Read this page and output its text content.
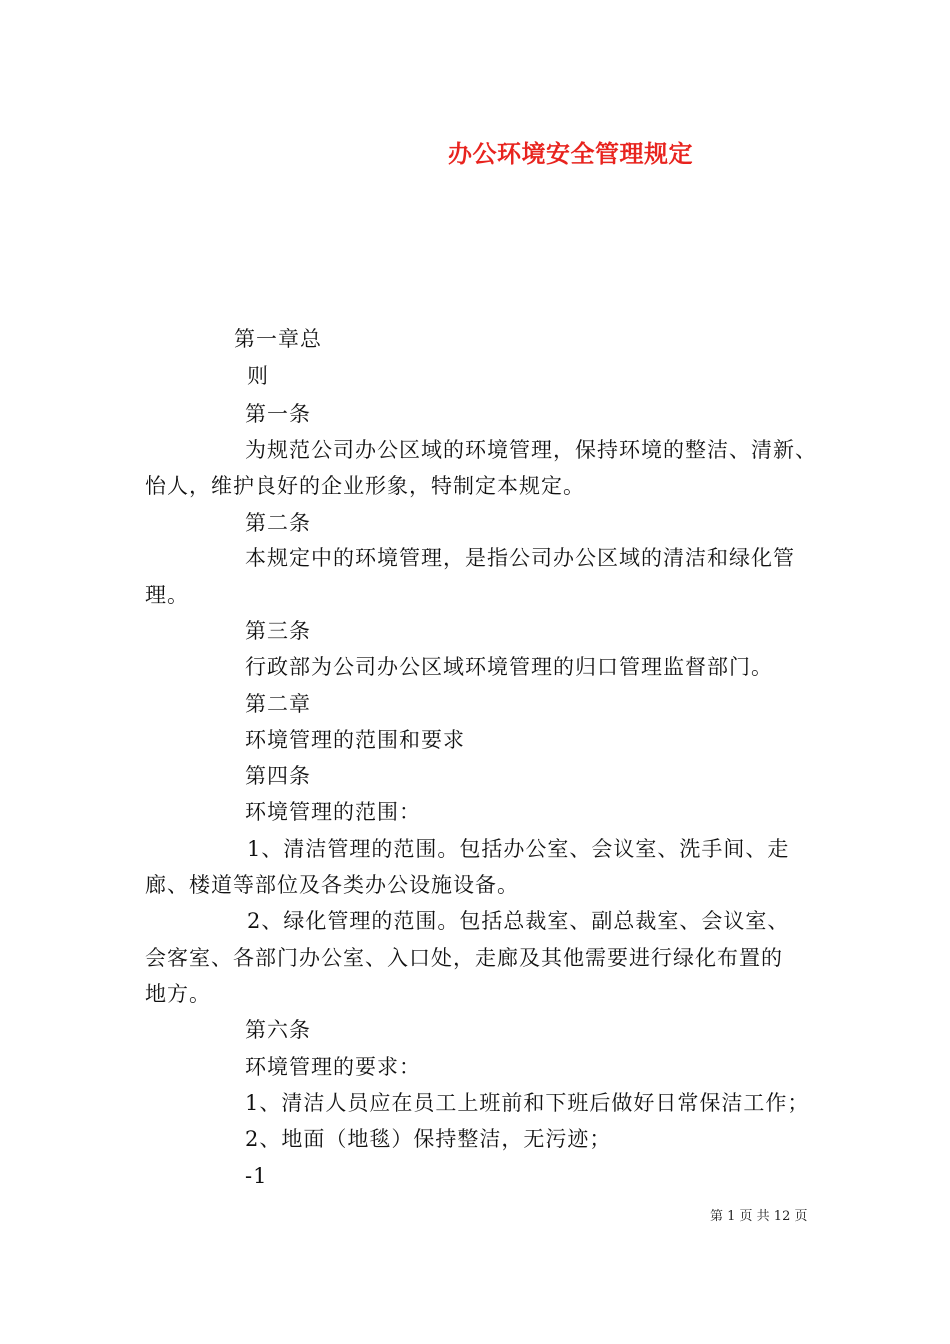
办公环境安全管理规定
第一章总
则
第一条
为规范公司办公区域的环境管理，保持环境的整洁、清新、
怡人，维护良好的企业形象，特制定本规定。
第二条
本规定中的环境管理，是指公司办公区域的清洁和绿化管
理。
第三条
行政部为公司办公区域环境管理的归口管理监督部门。
第二章
环境管理的范围和要求
第四条
环境管理的范围：
1、清洁管理的范围。包括办公室、会议室、洗手间、走
廊、楼道等部位及各类办公设施设备。
2、绿化管理的范围。包括总裁室、副总裁室、会议室、
会客室、各部门办公室、入口处，走廊及其他需要进行绿化布置的
地方。
第六条
环境管理的要求：
1、清洁人员应在员工上班前和下班后做好日常保洁工作；
2、地面（地毯）保持整洁，无污迹；
-1
第 1 页 共 12 页
